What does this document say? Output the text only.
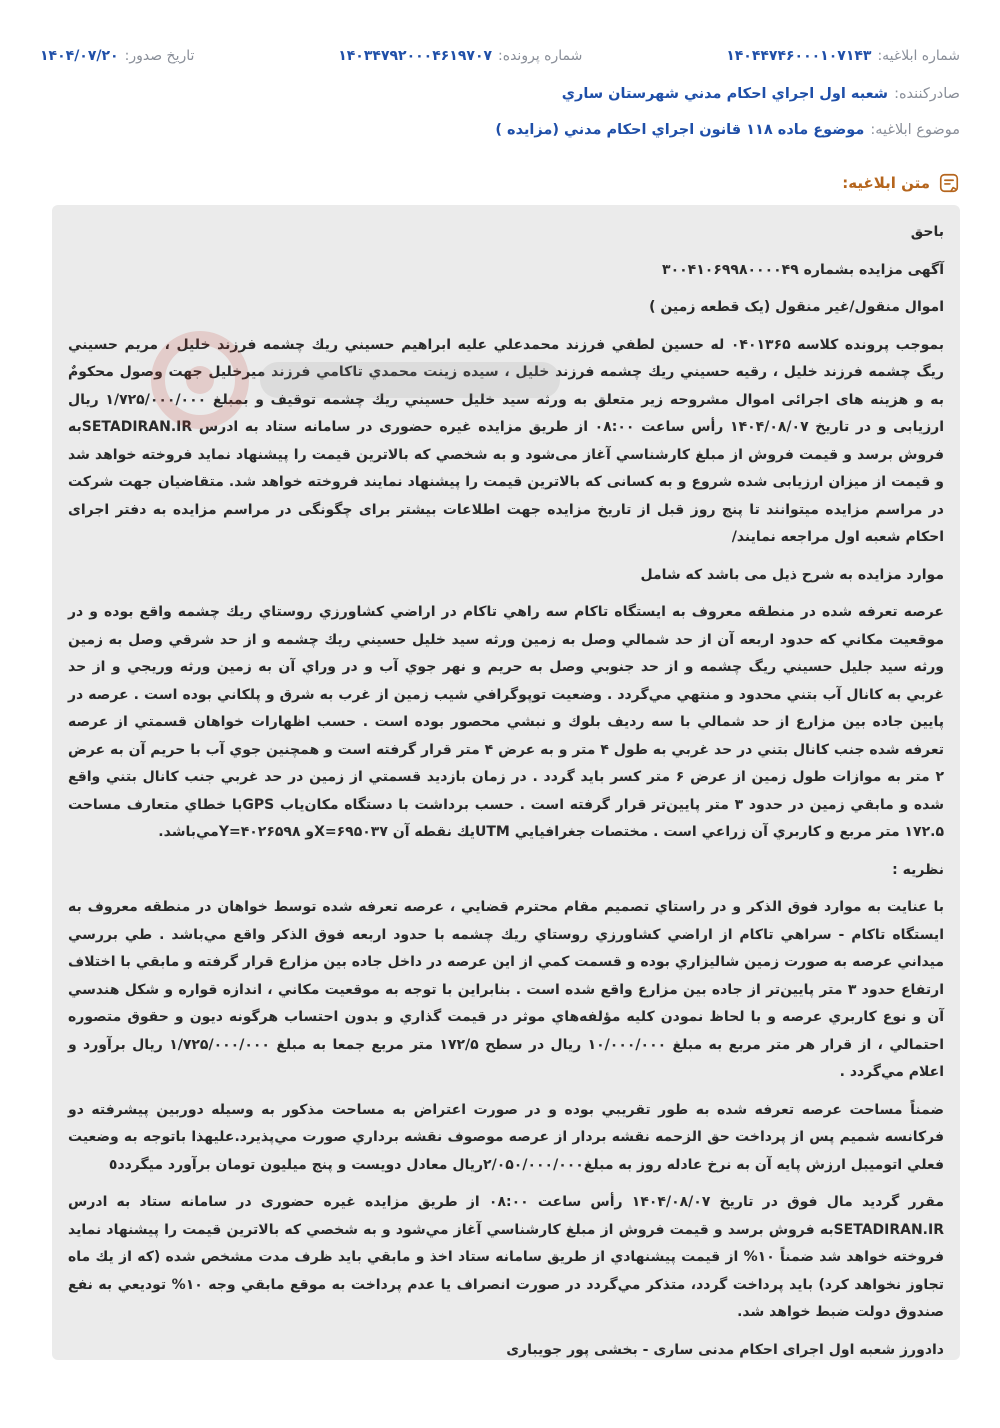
شماره ابلاغیه:
۱۴۰۴۴۷۴۶۰۰۰۱۰۷۱۴۳
شماره پرونده:
۱۴۰۳۴۷۹۲۰۰۰۴۶۱۹۷۰۷
تاریخ صدور:
۱۴۰۴/۰۷/۲۰
صادرکننده:
شعبه اول اجراي احكام مدني شهرستان ساري
موضوع ابلاغیه:
موضوع ماده ۱۱۸ قانون اجراي احكام مدني (مزايده )
متن ابلاغیه:

باحق

آگهی مزایده بشماره ۳۰۰۴۱۰۶۹۹۸۰۰۰۰۴۹

اموال منقول/غیر منقول (یک قطعه زمین )

بموجب پرونده کلاسه ۰۴۰۱۳۶۵ له حسين لطفي فرزند محمدعلي عليه ابراهيم حسيني ريك چشمه فرزند خليل ، مريم حسيني ريگ چشمه فرزند خليل ، رقيه حسيني ريك چشمه فرزند خليل ، سيده زينت محمدي تاكامي فرزند ميرخليل جهت وصول محکومٌ به و هزینه های اجرائی اموال مشروحه زیر متعلق به ورثه سيد خليل حسيني ريك چشمه توقیف و بمبلغ ۱/۷۲۵/۰۰۰/۰۰۰ ريال ارزیابی و در تاریخ ۱۴۰۴/۰۸/۰۷ رأس ساعت ۰۸:۰۰ از طریق مزایده غیره حضوری در سامانه ستاد به ادرس SETADIRAN.IRبه فروش برسد و قیمت فروش از مبلغ کارشناسي آغاز می‌شود و به شخصي كه بالاترين قیمت را پیشنهاد نماید فروخته خواهد شد و قیمت از میزان ارزیابی شده شروع و به کسانی که بالاترین قیمت را پیشنهاد نمایند فروخته خواهد شد. متقاضیان جهت شرکت در مراسم مزایده میتوانند تا پنج روز قبل از تاریخ مزایده جهت اطلاعات بیشتر برای چگونگی در مراسم مزایده به دفتر اجرای احکام شعبه اول مراجعه نمایند/

موارد مزایده به شرح ذیل می باشد که شامل

عرصه تعرفه شده در منطقه معروف به ايستگاه تاكام سه راهي تاكام در اراضي كشاورزي روستاي ريك چشمه واقع بوده و در موقعيت مكاني كه حدود اربعه آن از حد شمالي وصل به زمين ورثه سيد خليل حسيني ريك چشمه و از حد شرقي وصل به زمين ورثه سيد جليل حسيني ريگ چشمه و از حد جنوبي وصل به حريم و نهر جوي آب و در وراي آن به زمين ورثه وريجي و از حد غربي به كانال آب بتني محدود و منتهي مي‌گردد . وضعيت توپوگرافي شيب زمين از غرب به شرق و پلكاني بوده است . عرصه در پايين جاده بين مزارع از حد شمالي با سه رديف بلوك و نبشي محصور بوده است . حسب اظهارات خواهان قسمتي از عرصه تعرفه شده جنب كانال بتني در حد غربي به طول ۴ متر و به عرض ۴ متر قرار گرفته است و همچنين جوي آب با حريم آن به عرض ۲ متر به موازات طول زمين از عرض ۶ متر كسر بايد گردد . در زمان بازديد قسمتي از زمين در حد غربي جنب كانال بتني واقع شده و مابقي زمين در حدود ۳ متر پايين‌تر قرار گرفته است . حسب برداشت با دستگاه مكان‌ياب GPSبا خطاي متعارف مساحت ۱۷۲.۵ متر مربع و كاربري آن زراعي است . مختصات جغرافيايي UTMيك نقطه آن X=۶۹۵۰۳۷و Y=۴۰۲۶۵۹۸مي‌باشد.

نظريه :

با عنايت به موارد فوق الذكر و در راستاي تصميم مقام محترم قضايي ، عرصه تعرفه شده توسط خواهان در منطقه معروف به ايستگاه تاكام - سراهي تاكام از اراضي كشاورزي روستاي ريك چشمه با حدود اربعه فوق الذكر واقع مي‌باشد . طي بررسي ميداني عرصه به صورت زمين شاليزاري بوده و قسمت كمي از اين عرصه در داخل جاده بين مزارع قرار گرفته و مابقي با اختلاف ارتفاع حدود ۳ متر پايين‌تر از جاده بين مزارع واقع شده است . بنابراين با توجه به موقعيت مكاني ، اندازه قواره و شكل هندسي آن و نوع كاربري عرصه و با لحاظ نمودن كليه مؤلفه‌هاي موثر در قيمت گذاري و بدون احتساب هرگونه ديون و حقوق متصوره احتمالي ، از قرار هر متر مربع به مبلغ ۱۰/۰۰۰/۰۰۰ ريال در سطح ۱۷۲/۵ متر مربع جمعا به مبلغ ۱/۷۲۵/۰۰۰/۰۰۰ ريال برآورد و اعلام مي‌گردد .

ضمناً مساحت عرصه تعرفه شده به طور تقريبي بوده و در صورت اعتراض به مساحت مذكور به وسيله دوربين پيشرفته دو فركانسه شميم پس از پرداخت حق الزحمه نقشه بردار از عرصه موصوف نقشه برداري صورت مي‌پذيرد.عليهذا باتوجه به وضعيت فعلي اتوميبل ارزش پايه آن به نرخ عادله روز به مبلغ۲/۰۵۰/۰۰۰/۰۰۰ريال معادل دويست و پنج ميليون تومان برآورد ميگردد٥

مقرر گرديد مال فوق در تاریخ ۱۴۰۴/۰۸/۰۷ رأس ساعت ۰۸:۰۰ از طریق مزایده غیره حضوری در سامانه ستاد به ادرس SETADIRAN.IRبه فروش برسد و قیمت فروش از مبلغ کارشناسي آغاز مي‌شود و به شخصي كه بالاترين قيمت را پيشنهاد نمايد فروخته خواهد شد ضمناً ۱۰% از قيمت پيشنهادي از طريق سامانه ستاد اخذ و مابقي بايد ظرف مدت مشخص شده (كه از يك ماه تجاوز نخواهد كرد) بايد پرداخت گردد، متذكر مي‌گردد در صورت انصراف يا عدم پرداخت به موقع مابقي وجه ۱۰% توديعي به نفع صندوق دولت ضبط خواهد شد.

دادورز شعبه اول اجرای احکام مدنی ساری - بخشی پور جویباری
